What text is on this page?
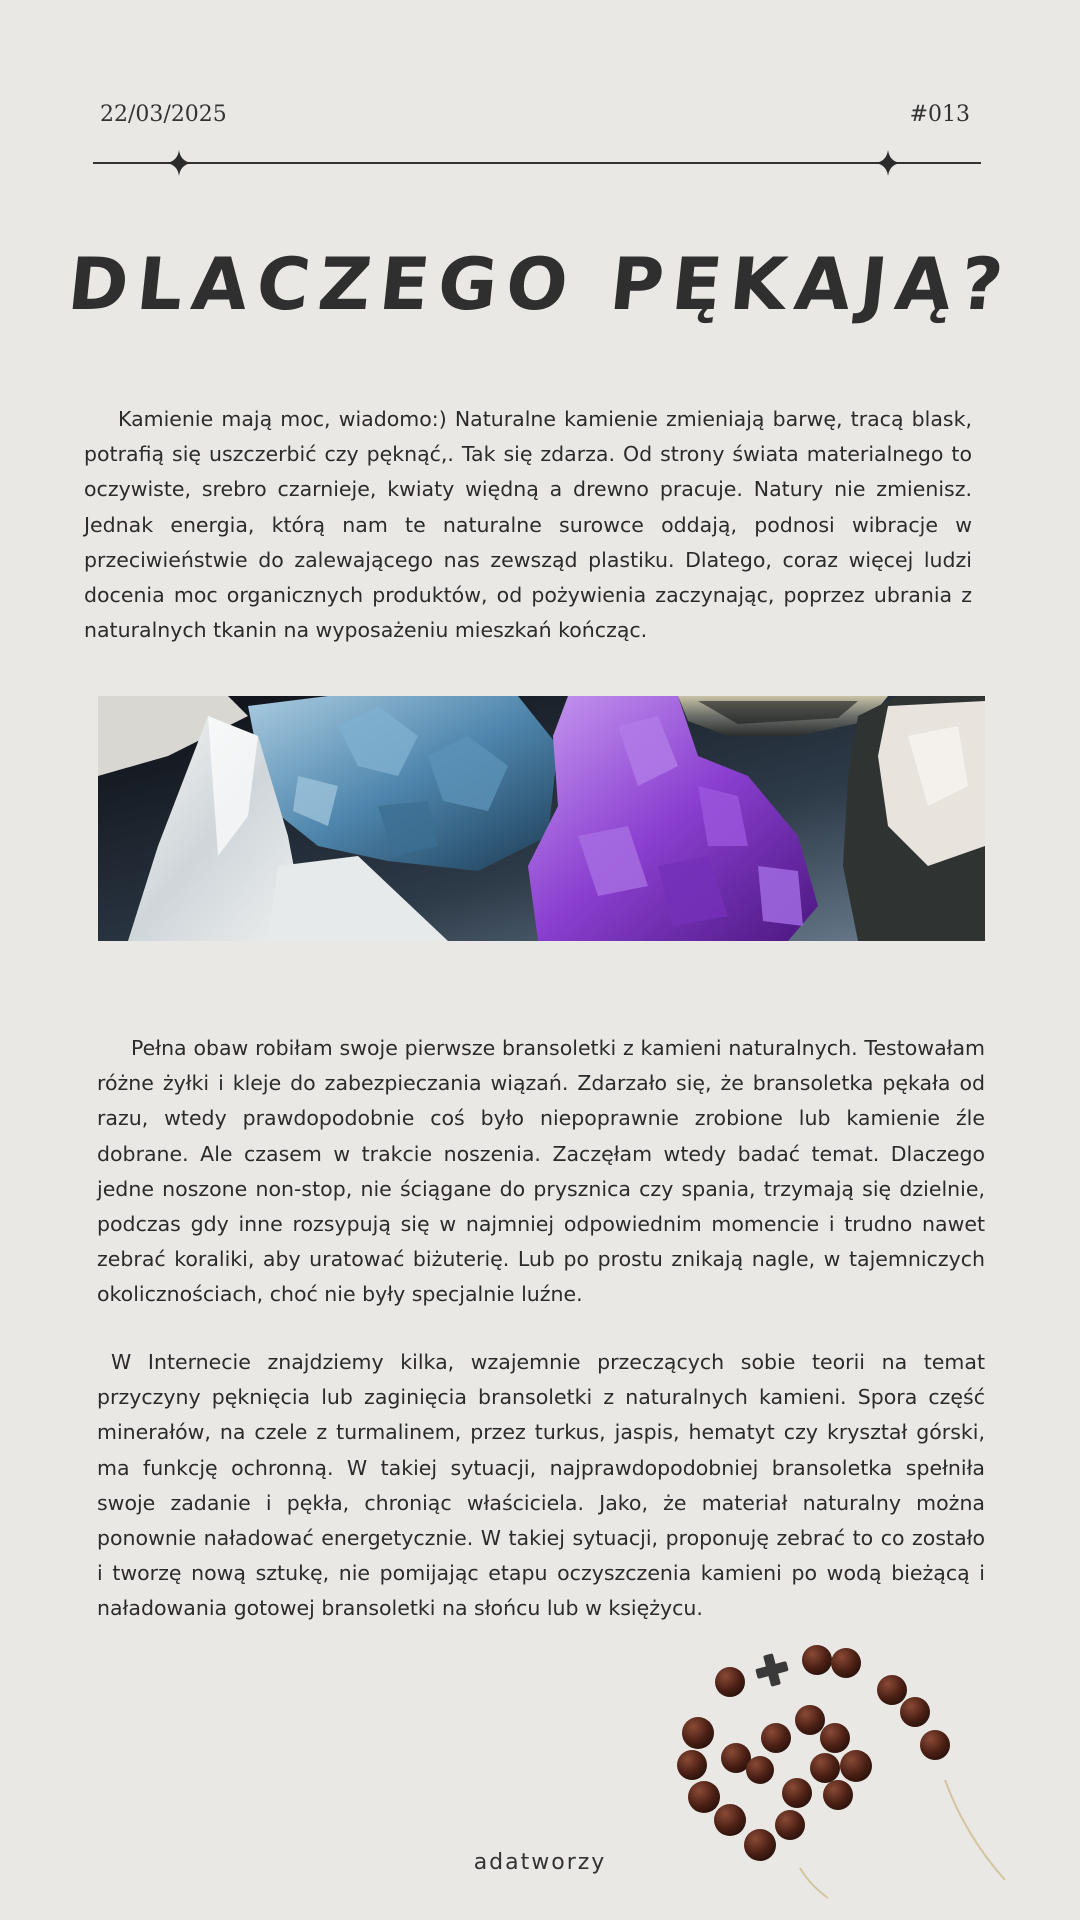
22/03/2025	#013
DLACZEGO PĘKAJĄ?

Kamienie mają moc, wiadomo:) Naturalne kamienie zmieniają barwę, tracą blask, potrafią się uszczerbić czy pęknąć,. Tak się zdarza. Od strony świata materialnego to oczywiste, srebro czarnieje, kwiaty więdną a drewno pracuje. Natury nie zmienisz. Jednak energia, którą nam te naturalne surowce oddają, podnosi wibracje w przeciwieństwie do zalewającego nas zewsząd plastiku. Dlatego, coraz więcej ludzi docenia moc organicznych produktów, od pożywienia zaczynając, poprzez ubrania z naturalnych tkanin na wyposażeniu mieszkań kończąc.

Pełna obaw robiłam swoje pierwsze bransoletki z kamieni naturalnych. Testowałam różne żyłki i kleje do zabezpieczania wiązań. Zdarzało się, że bransoletka pękała od razu, wtedy prawdopodobnie coś było niepoprawnie zrobione lub kamienie źle dobrane. Ale czasem w trakcie noszenia. Zaczęłam wtedy badać temat. Dlaczego jedne noszone non-stop, nie ściągane do prysznica czy spania, trzymają się dzielnie, podczas gdy inne rozsypują się w najmniej odpowiednim momencie i trudno nawet zebrać koraliki, aby uratować biżuterię. Lub po prostu znikają nagle, w tajemniczych okolicznościach, choć nie były specjalnie luźne.

W Internecie znajdziemy kilka, wzajemnie przeczących sobie teorii na temat przyczyny pęknięcia lub zaginięcia bransoletki z naturalnych kamieni. Spora część minerałów, na czele z turmalinem, przez turkus, jaspis, hematyt czy kryształ górski, ma funkcję ochronną. W takiej sytuacji, najprawdopodobniej bransoletka spełniła swoje zadanie i pękła, chroniąc właściciela. Jako, że materiał naturalny można ponownie naładować energetycznie. W takiej sytuacji, proponuję zebrać to co zostało i tworzę nową sztukę, nie pomijając etapu oczyszczenia kamieni po wodą bieżącą i naładowania gotowej bransoletki na słońcu lub w księżycu.

adatworzy
